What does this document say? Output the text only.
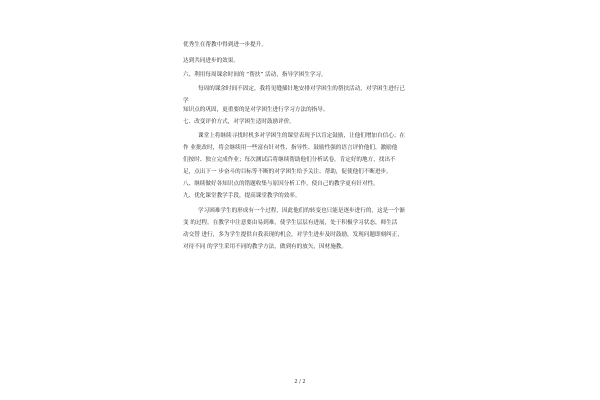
优秀生在帮教中得到进一步提升。
达到共同进步的效果。
六、利用每周课余时间的 “帮扶” 活动，指导学困生学习。
每周的课余时间不固定，我将见缝插针地安排对学困生的帮扶活动，对学困生进行已
学
知识点的巩固，更重要的是对学困生进行学习方法的指导。
七、改变评价方式，对学困生适时鼓励评价。
课堂上将继续寻找时机多对学困生的课堂表现予以肯定鼓励，让他们增加自信心；在
作 业批改时，将会继续用一些富有针对性、指导性、鼓励性强的语言评价他们，激励他
们按时、独立完成作业；每次测试后将继续帮助他们分析试卷，肯定好的地方，找出不
足，点出下一 步奋斗的目标等不断的对学困生给予关注、帮助，促使他们不断进步。
八、继续做好各知识点的错题收集与原因分析工作，使自己的教学更有针对性。
九、优化课堂教学手段，提高课堂教学的效率。
学习困难学生的形成有一个过程，因此他们的转变也只能是逐步进行的，这是一个渐
变 的过程。在教学中注意要由易到难，使学生层层有进展，处于积极学习状态，师生活
动交替 进行，多为学生提供自我表现的机会，对学生进步及时鼓励，发现问题即刻纠正，
对待不同 的学生采用不同的教学方法，做到有的放矢，因材施教。
2 / 2
